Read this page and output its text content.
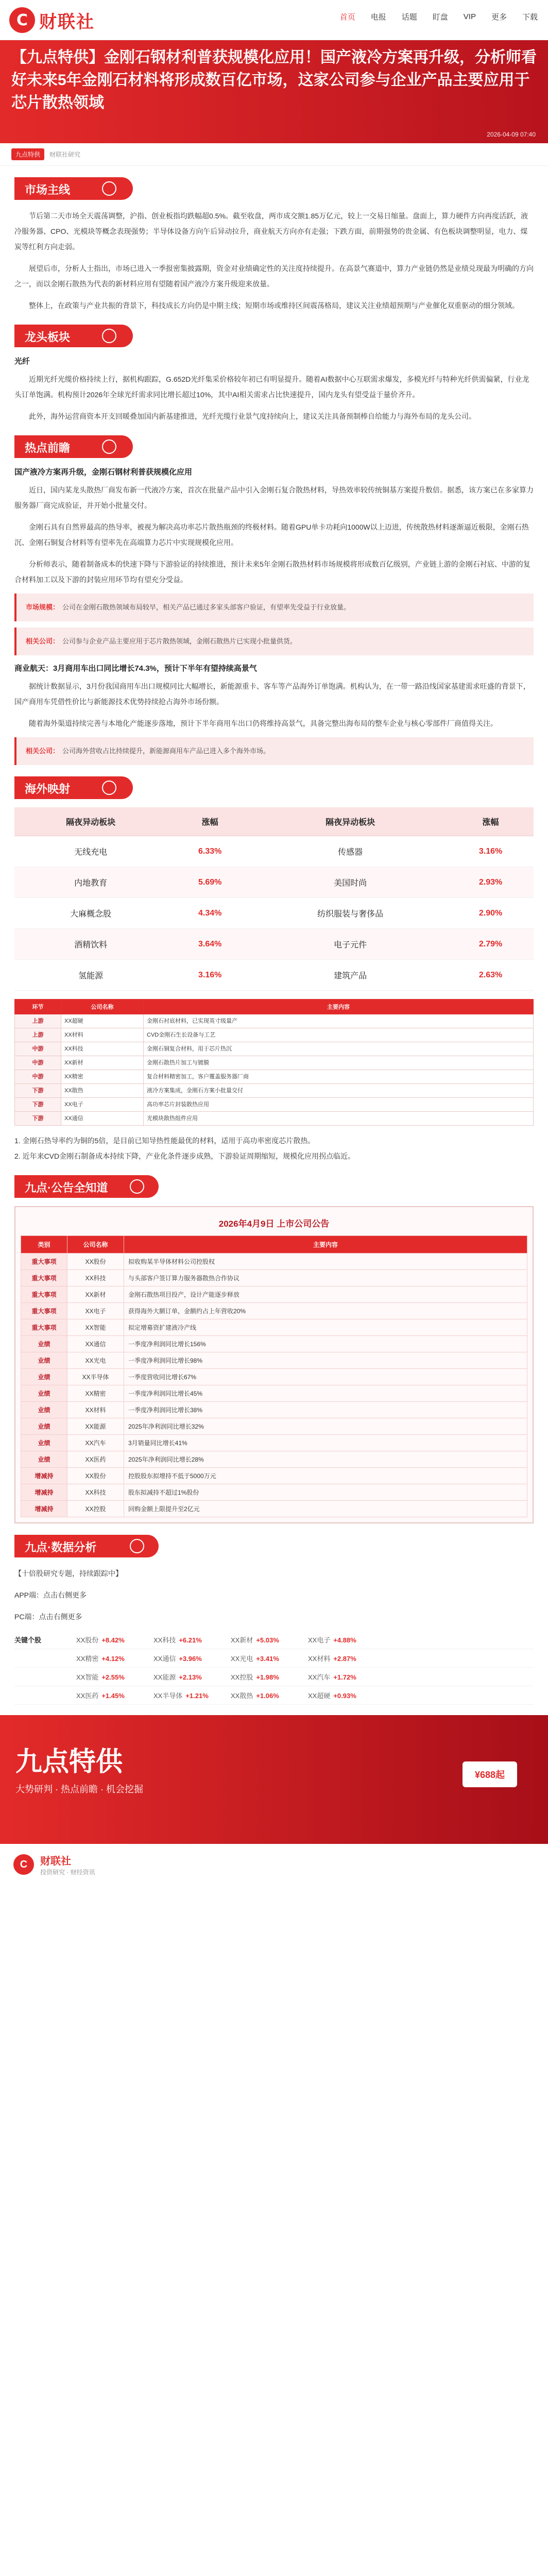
C 财联社	首页 电报 话题 盯盘 VIP 更多 下载
【九点特供】金刚石钢材利普获规模化应用！国产液冷方案再升级，分析师看好未来5年金刚石材料将形成数百亿市场，这家公司参与企业产品主要应用于芯片散热领域
2026-04-09 07:40
九点特供	财联社研究
市场主线

节后第二天市场全天震荡调整，沪指、创业板指均跌幅超0.5%。截至收盘，两市成交额1.85万亿元，较上一交易日缩量。盘面上，算力硬件方向再度活跃，液冷服务器、CPO、光模块等概念表现强势；半导体设备方向午后异动拉升，商业航天方向亦有走强；下跌方面，前期强势的贵金属、有色板块调整明显，电力、煤炭等红利方向走弱。

展望后市，分析人士指出，市场已进入一季报密集披露期，资金对业绩确定性的关注度持续提升。在高景气赛道中，算力产业链仍然是业绩兑现最为明确的方向之一，而以金刚石散热为代表的新材料应用有望随着国产液冷方案升级迎来放量。

整体上，在政策与产业共振的背景下，科技成长方向仍是中期主线；短期市场或维持区间震荡格局，建议关注业绩超预期与产业催化双重驱动的细分领域。

龙头板块
光纤

近期光纤光缆价格持续上行，据机构跟踪，G.652D光纤集采价格较年初已有明显提升。随着AI数据中心互联需求爆发，多模光纤与特种光纤供需偏紧，行业龙头订单饱满。机构预计2026年全球光纤需求同比增长超过10%，其中AI相关需求占比快速提升，国内龙头有望受益于量价齐升。

此外，海外运营商资本开支回暖叠加国内新基建推进，光纤光缆行业景气度持续向上，建议关注具备预制棒自给能力与海外布局的龙头公司。

热点前瞻
国产液冷方案再升级，金刚石钢材利普获规模化应用

近日，国内某龙头散热厂商发布新一代液冷方案，首次在批量产品中引入金刚石复合散热材料，导热效率较传统铜基方案提升数倍。据悉，该方案已在多家算力服务器厂商完成验证，并开始小批量交付。

金刚石具有自然界最高的热导率，被视为解决高功率芯片散热瓶颈的终极材料。随着GPU单卡功耗向1000W以上迈进，传统散热材料逐渐逼近极限，金刚石热沉、金刚石铜复合材料等有望率先在高端算力芯片中实现规模化应用。

分析师表示，随着制备成本的快速下降与下游验证的持续推进，预计未来5年金刚石散热材料市场规模将形成数百亿级别，产业链上游的金刚石衬底、中游的复合材料加工以及下游的封装应用环节均有望充分受益。

市场规模： 公司在金刚石散热领域布局较早，相关产品已通过多家头部客户验证，有望率先受益于行业放量。
相关公司： 公司参与企业产品主要应用于芯片散热领域，金刚石散热片已实现小批量供货。
商业航天：3月商用车出口同比增长74.3%，预计下半年有望持续高景气

据统计数据显示，3月份我国商用车出口规模同比大幅增长，新能源重卡、客车等产品海外订单饱满。机构认为，在一带一路沿线国家基建需求旺盛的背景下，国产商用车凭借性价比与新能源技术优势持续抢占海外市场份额。

随着海外渠道持续完善与本地化产能逐步落地，预计下半年商用车出口仍将维持高景气，具备完整出海布局的整车企业与核心零部件厂商值得关注。

相关公司： 公司海外营收占比持续提升，新能源商用车产品已进入多个海外市场。
海外映射
隔夜异动板块	涨幅	隔夜异动板块	涨幅
无线充电	6.33%	传感器	3.16%
内地教育	5.69%	美国时尚	2.93%
大麻概念股	4.34%	纺织服装与奢侈品	2.90%
酒精饮料	3.64%	电子元件	2.79%
氢能源	3.16%	建筑产品	2.63%
环节	公司名称	主要内容
上游	XX超硬	金刚石衬底材料，已实现英寸级量产
上游	XX材料	CVD金刚石生长设备与工艺
中游	XX科技	金刚石铜复合材料，用于芯片热沉
中游	XX新材	金刚石散热片加工与镀膜
中游	XX精密	复合材料精密加工，客户覆盖服务器厂商
下游	XX散热	液冷方案集成，金刚石方案小批量交付
下游	XX电子	高功率芯片封装散热应用
下游	XX通信	光模块散热组件应用

1. 金刚石热导率约为铜的5倍，是目前已知导热性能最优的材料，适用于高功率密度芯片散热。

2. 近年来CVD金刚石制备成本持续下降，产业化条件逐步成熟，下游验证周期缩短，规模化应用拐点临近。

九点·公告全知道
2026年4月9日 上市公司公告
类别	公司名称	主要内容
重大事项	XX股份	拟收购某半导体材料公司控股权
重大事项	XX科技	与头部客户签订算力服务器散热合作协议
重大事项	XX新材	金刚石散热项目投产，设计产能逐步释放
重大事项	XX电子	获得海外大额订单，金额约占上年营收20%
重大事项	XX智能	拟定增募资扩建液冷产线
业绩	XX通信	一季度净利润同比增长156%
业绩	XX光电	一季度净利润同比增长98%
业绩	XX半导体	一季度营收同比增长67%
业绩	XX精密	一季度净利润同比增长45%
业绩	XX材料	一季度净利润同比增长38%
业绩	XX能源	2025年净利润同比增长32%
业绩	XX汽车	3月销量同比增长41%
业绩	XX医药	2025年净利润同比增长28%
增减持	XX股份	控股股东拟增持不低于5000万元
增减持	XX科技	股东拟减持不超过1%股份
增减持	XX控股	回购金额上限提升至2亿元
九点·数据分析

【十倍股研究专题，持续跟踪中】

APP端：点击右侧更多

PC端：点击右侧更多

关键个股	XX股份 +8.42%	XX科技 +6.21%	XX新材 +5.03%	XX电子 +4.88%
XX精密 +4.12%	XX通信 +3.96%	XX光电 +3.41%	XX材料 +2.87%
XX智能 +2.55%	XX能源 +2.13%	XX控股 +1.98%	XX汽车 +1.72%
XX医药 +1.45%	XX半导体 +1.21%	XX散热 +1.06%	XX超硬 +0.93%
九点特供
大势研判 · 热点前瞻 · 机会挖掘
¥688起
C	财联社
投资研究 · 财经资讯
